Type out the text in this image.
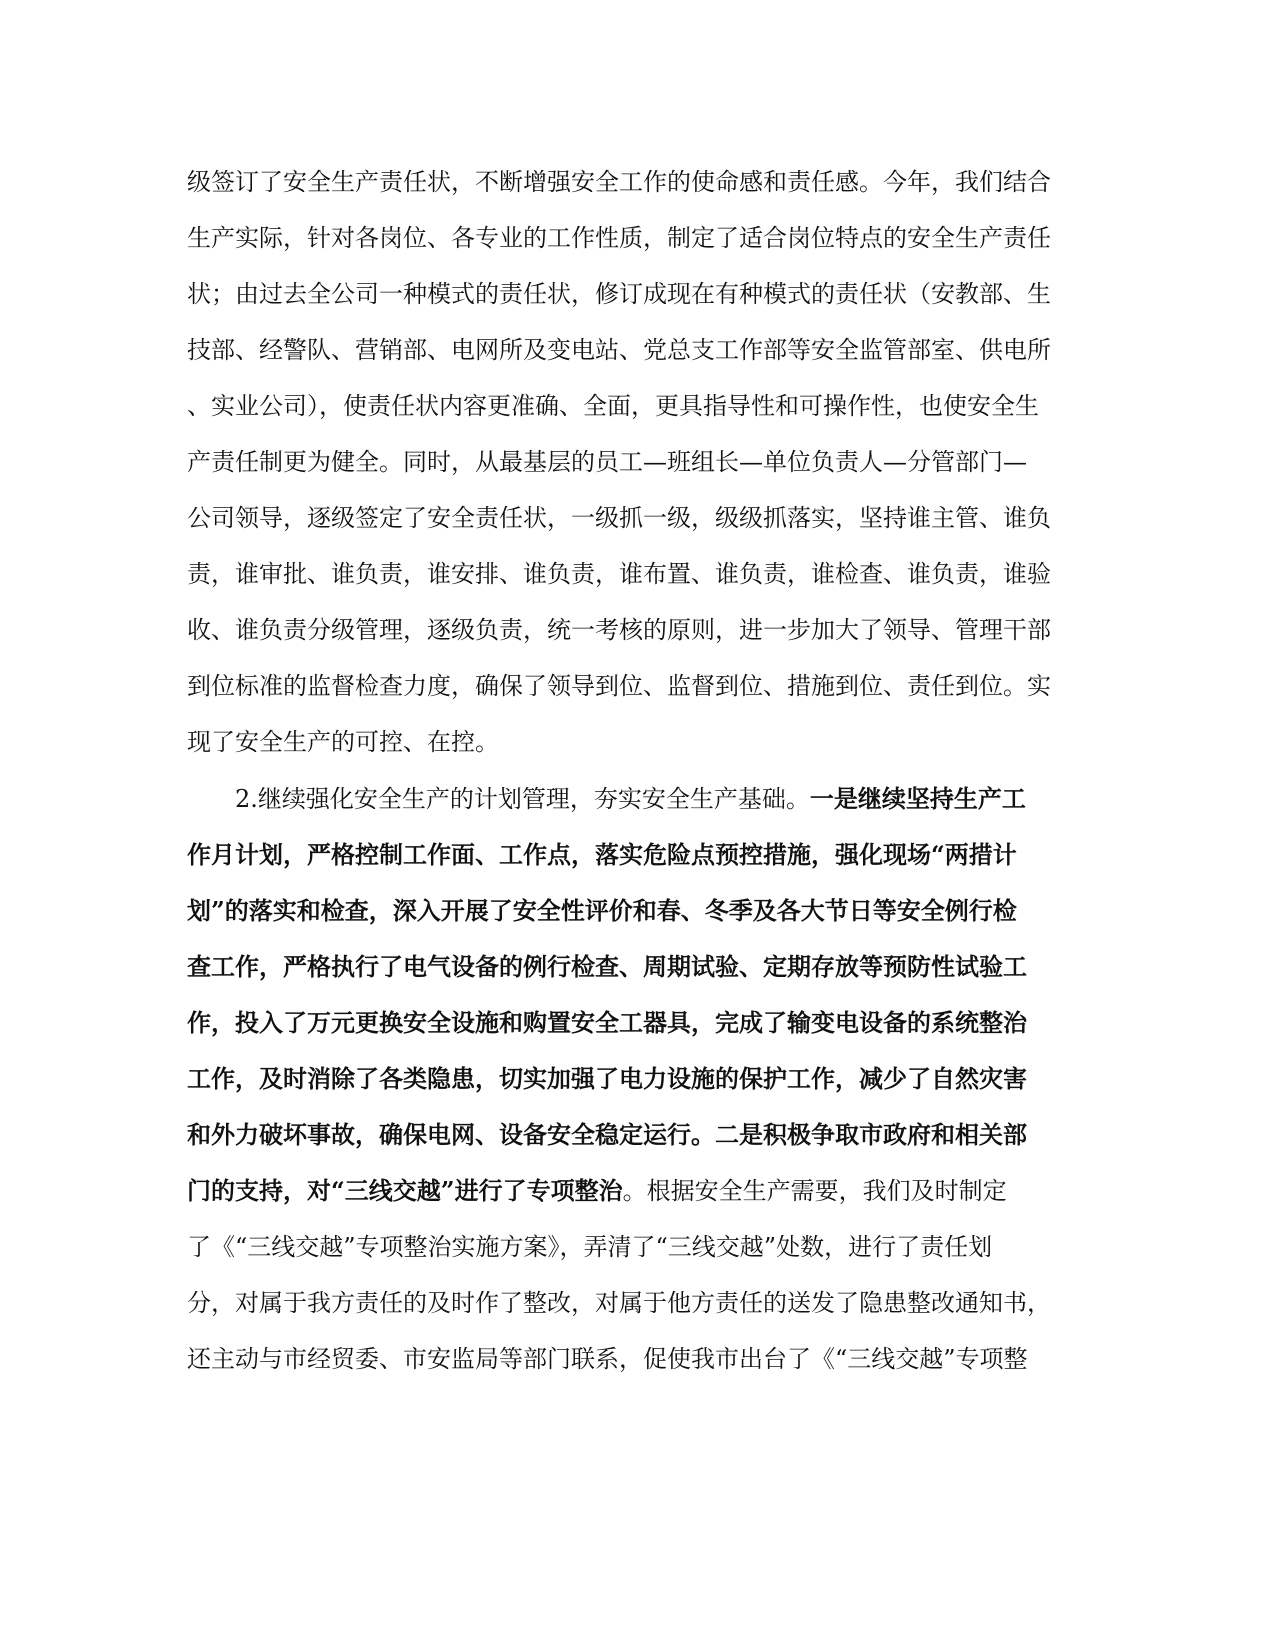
级签订了安全生产责任状，不断增强安全工作的使命感和责任感。今年，我们结合
生产实际，针对各岗位、各专业的工作性质，制定了适合岗位特点的安全生产责任
状；由过去全公司一种模式的责任状，修订成现在有种模式的责任状（安教部、生
技部、经警队、营销部、电网所及变电站、党总支工作部等安全监管部室、供电所
、实业公司），使责任状内容更准确、全面，更具指导性和可操作性，也使安全生
产责任制更为健全。同时，从最基层的员工—班组长—单位负责人—分管部门—
公司领导，逐级签定了安全责任状，一级抓一级，级级抓落实，坚持谁主管、谁负
责，谁审批、谁负责，谁安排、谁负责，谁布置、谁负责，谁检查、谁负责，谁验
收、谁负责分级管理，逐级负责，统一考核的原则，进一步加大了领导、管理干部
到位标准的监督检查力度，确保了领导到位、监督到位、措施到位、责任到位。实
现了安全生产的可控、在控。
2.继续强化安全生产的计划管理，夯实安全生产基础。一是继续坚持生产工
作月计划，严格控制工作面、工作点，落实危险点预控措施，强化现场“两措计
划”的落实和检查，深入开展了安全性评价和春、冬季及各大节日等安全例行检
查工作，严格执行了电气设备的例行检查、周期试验、定期存放等预防性试验工
作，投入了万元更换安全设施和购置安全工器具，完成了输变电设备的系统整治
工作，及时消除了各类隐患，切实加强了电力设施的保护工作，减少了自然灾害
和外力破坏事故，确保电网、设备安全稳定运行。二是积极争取市政府和相关部
门的支持，对“三线交越”进行了专项整治。根据安全生产需要，我们及时制定
了《“三线交越”专项整治实施方案》，弄清了“三线交越”处数，进行了责任划
分，对属于我方责任的及时作了整改，对属于他方责任的送发了隐患整改通知书，
还主动与市经贸委、市安监局等部门联系，促使我市出台了《“三线交越”专项整
